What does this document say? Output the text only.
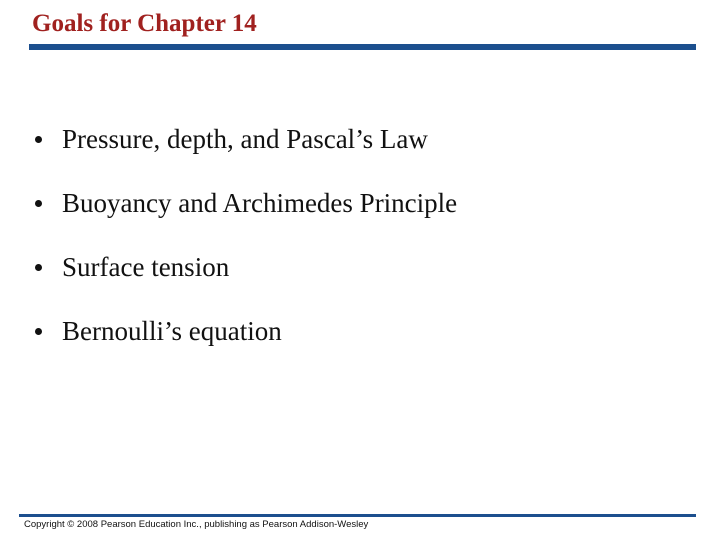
Goals for Chapter 14
Pressure, depth, and Pascal’s Law
Buoyancy and Archimedes Principle
Surface tension
Bernoulli’s equation
Copyright © 2008 Pearson Education Inc., publishing as Pearson Addison-Wesley
